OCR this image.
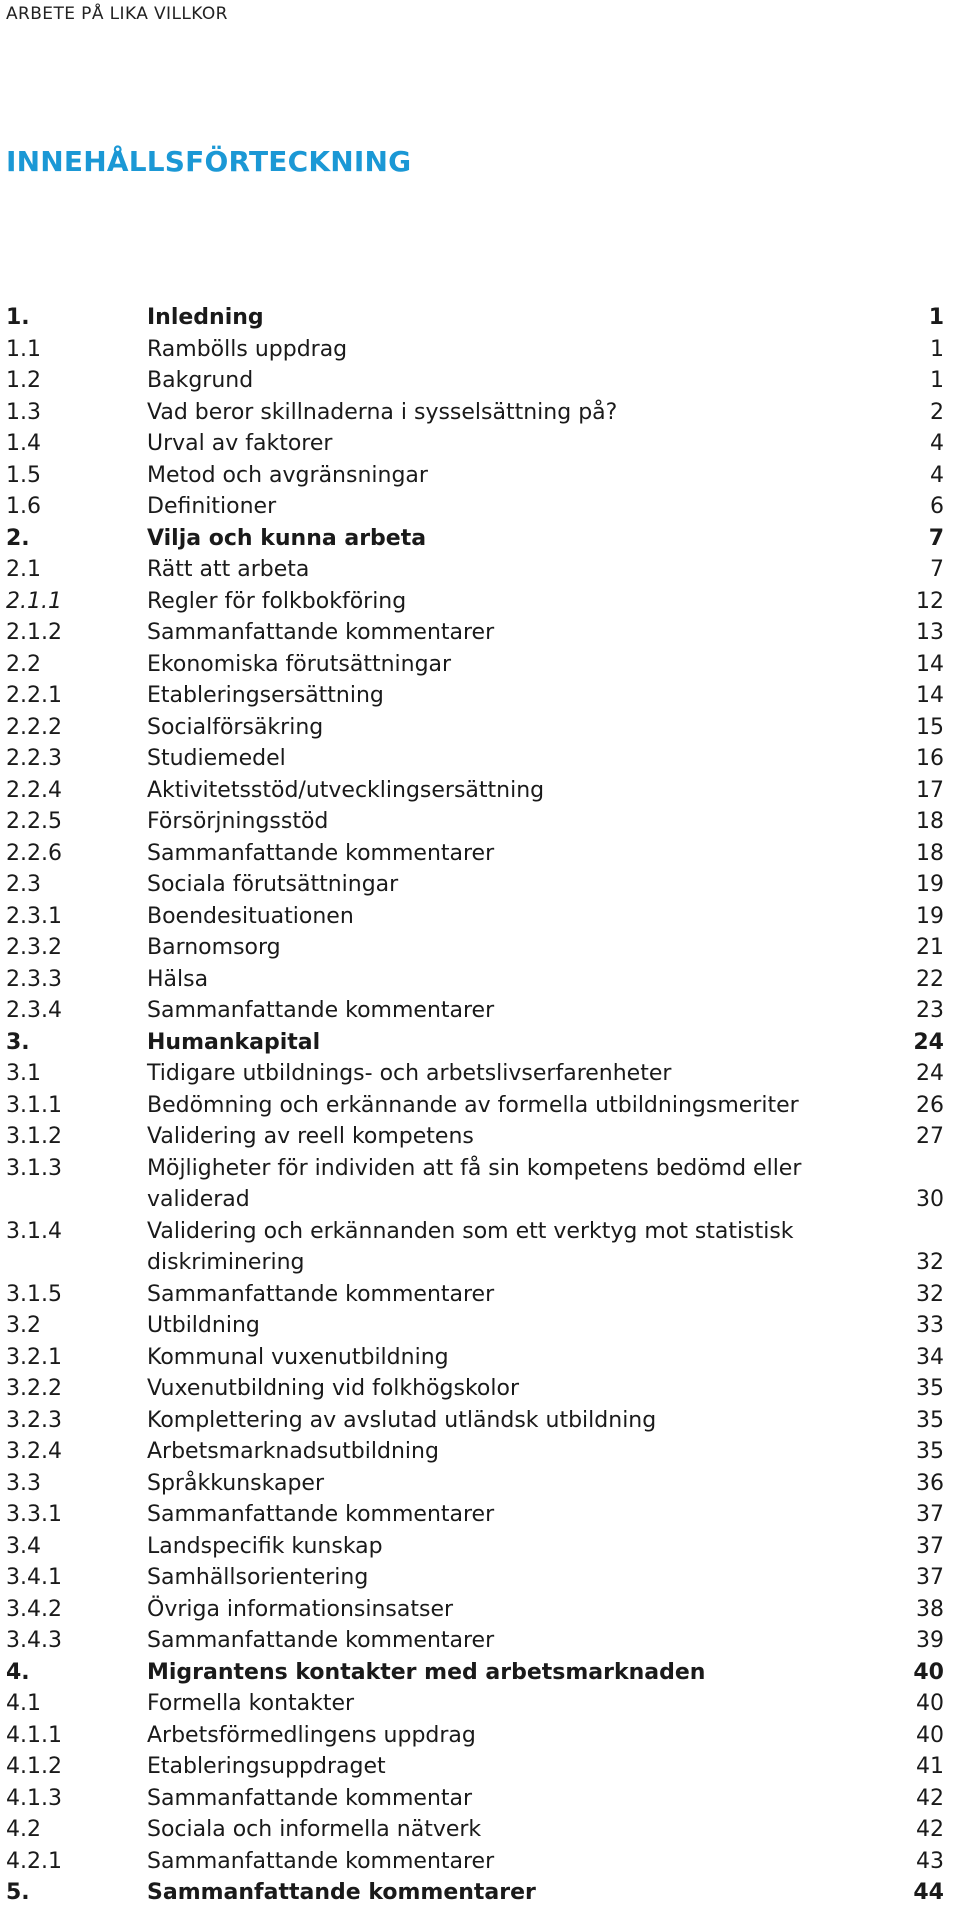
ARBETE PÅ LIKA VILLKOR
INNEHÅLLSFÖRTECKNING
1.	Inledning	1
1.1	Rambölls uppdrag	1
1.2	Bakgrund	1
1.3	Vad beror skillnaderna i sysselsättning på?	2
1.4	Urval av faktorer	4
1.5	Metod och avgränsningar	4
1.6	Definitioner	6
2.	Vilja och kunna arbeta	7
2.1	Rätt att arbeta	7
2.1.1	Regler för folkbokföring	12
2.1.2	Sammanfattande kommentarer	13
2.2	Ekonomiska förutsättningar	14
2.2.1	Etableringsersättning	14
2.2.2	Socialförsäkring	15
2.2.3	Studiemedel	16
2.2.4	Aktivitetsstöd/utvecklingsersättning	17
2.2.5	Försörjningsstöd	18
2.2.6	Sammanfattande kommentarer	18
2.3	Sociala förutsättningar	19
2.3.1	Boendesituationen	19
2.3.2	Barnomsorg	21
2.3.3	Hälsa	22
2.3.4	Sammanfattande kommentarer	23
3.	Humankapital	24
3.1	Tidigare utbildnings- och arbetslivserfarenheter	24
3.1.1	Bedömning och erkännande av formella utbildningsmeriter	26
3.1.2	Validering av reell kompetens	27
3.1.3	Möjligheter för individen att få sin kompetens bedömd eller validerad	30
3.1.4	Validering och erkännanden som ett verktyg mot statistisk diskriminering	32
3.1.5	Sammanfattande kommentarer	32
3.2	Utbildning	33
3.2.1	Kommunal vuxenutbildning	34
3.2.2	Vuxenutbildning vid folkhögskolor	35
3.2.3	Komplettering av avslutad utländsk utbildning	35
3.2.4	Arbetsmarknadsutbildning	35
3.3	Språkkunskaper	36
3.3.1	Sammanfattande kommentarer	37
3.4	Landspecifik kunskap	37
3.4.1	Samhällsorientering	37
3.4.2	Övriga informationsinsatser	38
3.4.3	Sammanfattande kommentarer	39
4.	Migrantens kontakter med arbetsmarknaden	40
4.1	Formella kontakter	40
4.1.1	Arbetsförmedlingens uppdrag	40
4.1.2	Etableringsuppdraget	41
4.1.3	Sammanfattande kommentar	42
4.2	Sociala och informella nätverk	42
4.2.1	Sammanfattande kommentarer	43
5.	Sammanfattande kommentarer	44
